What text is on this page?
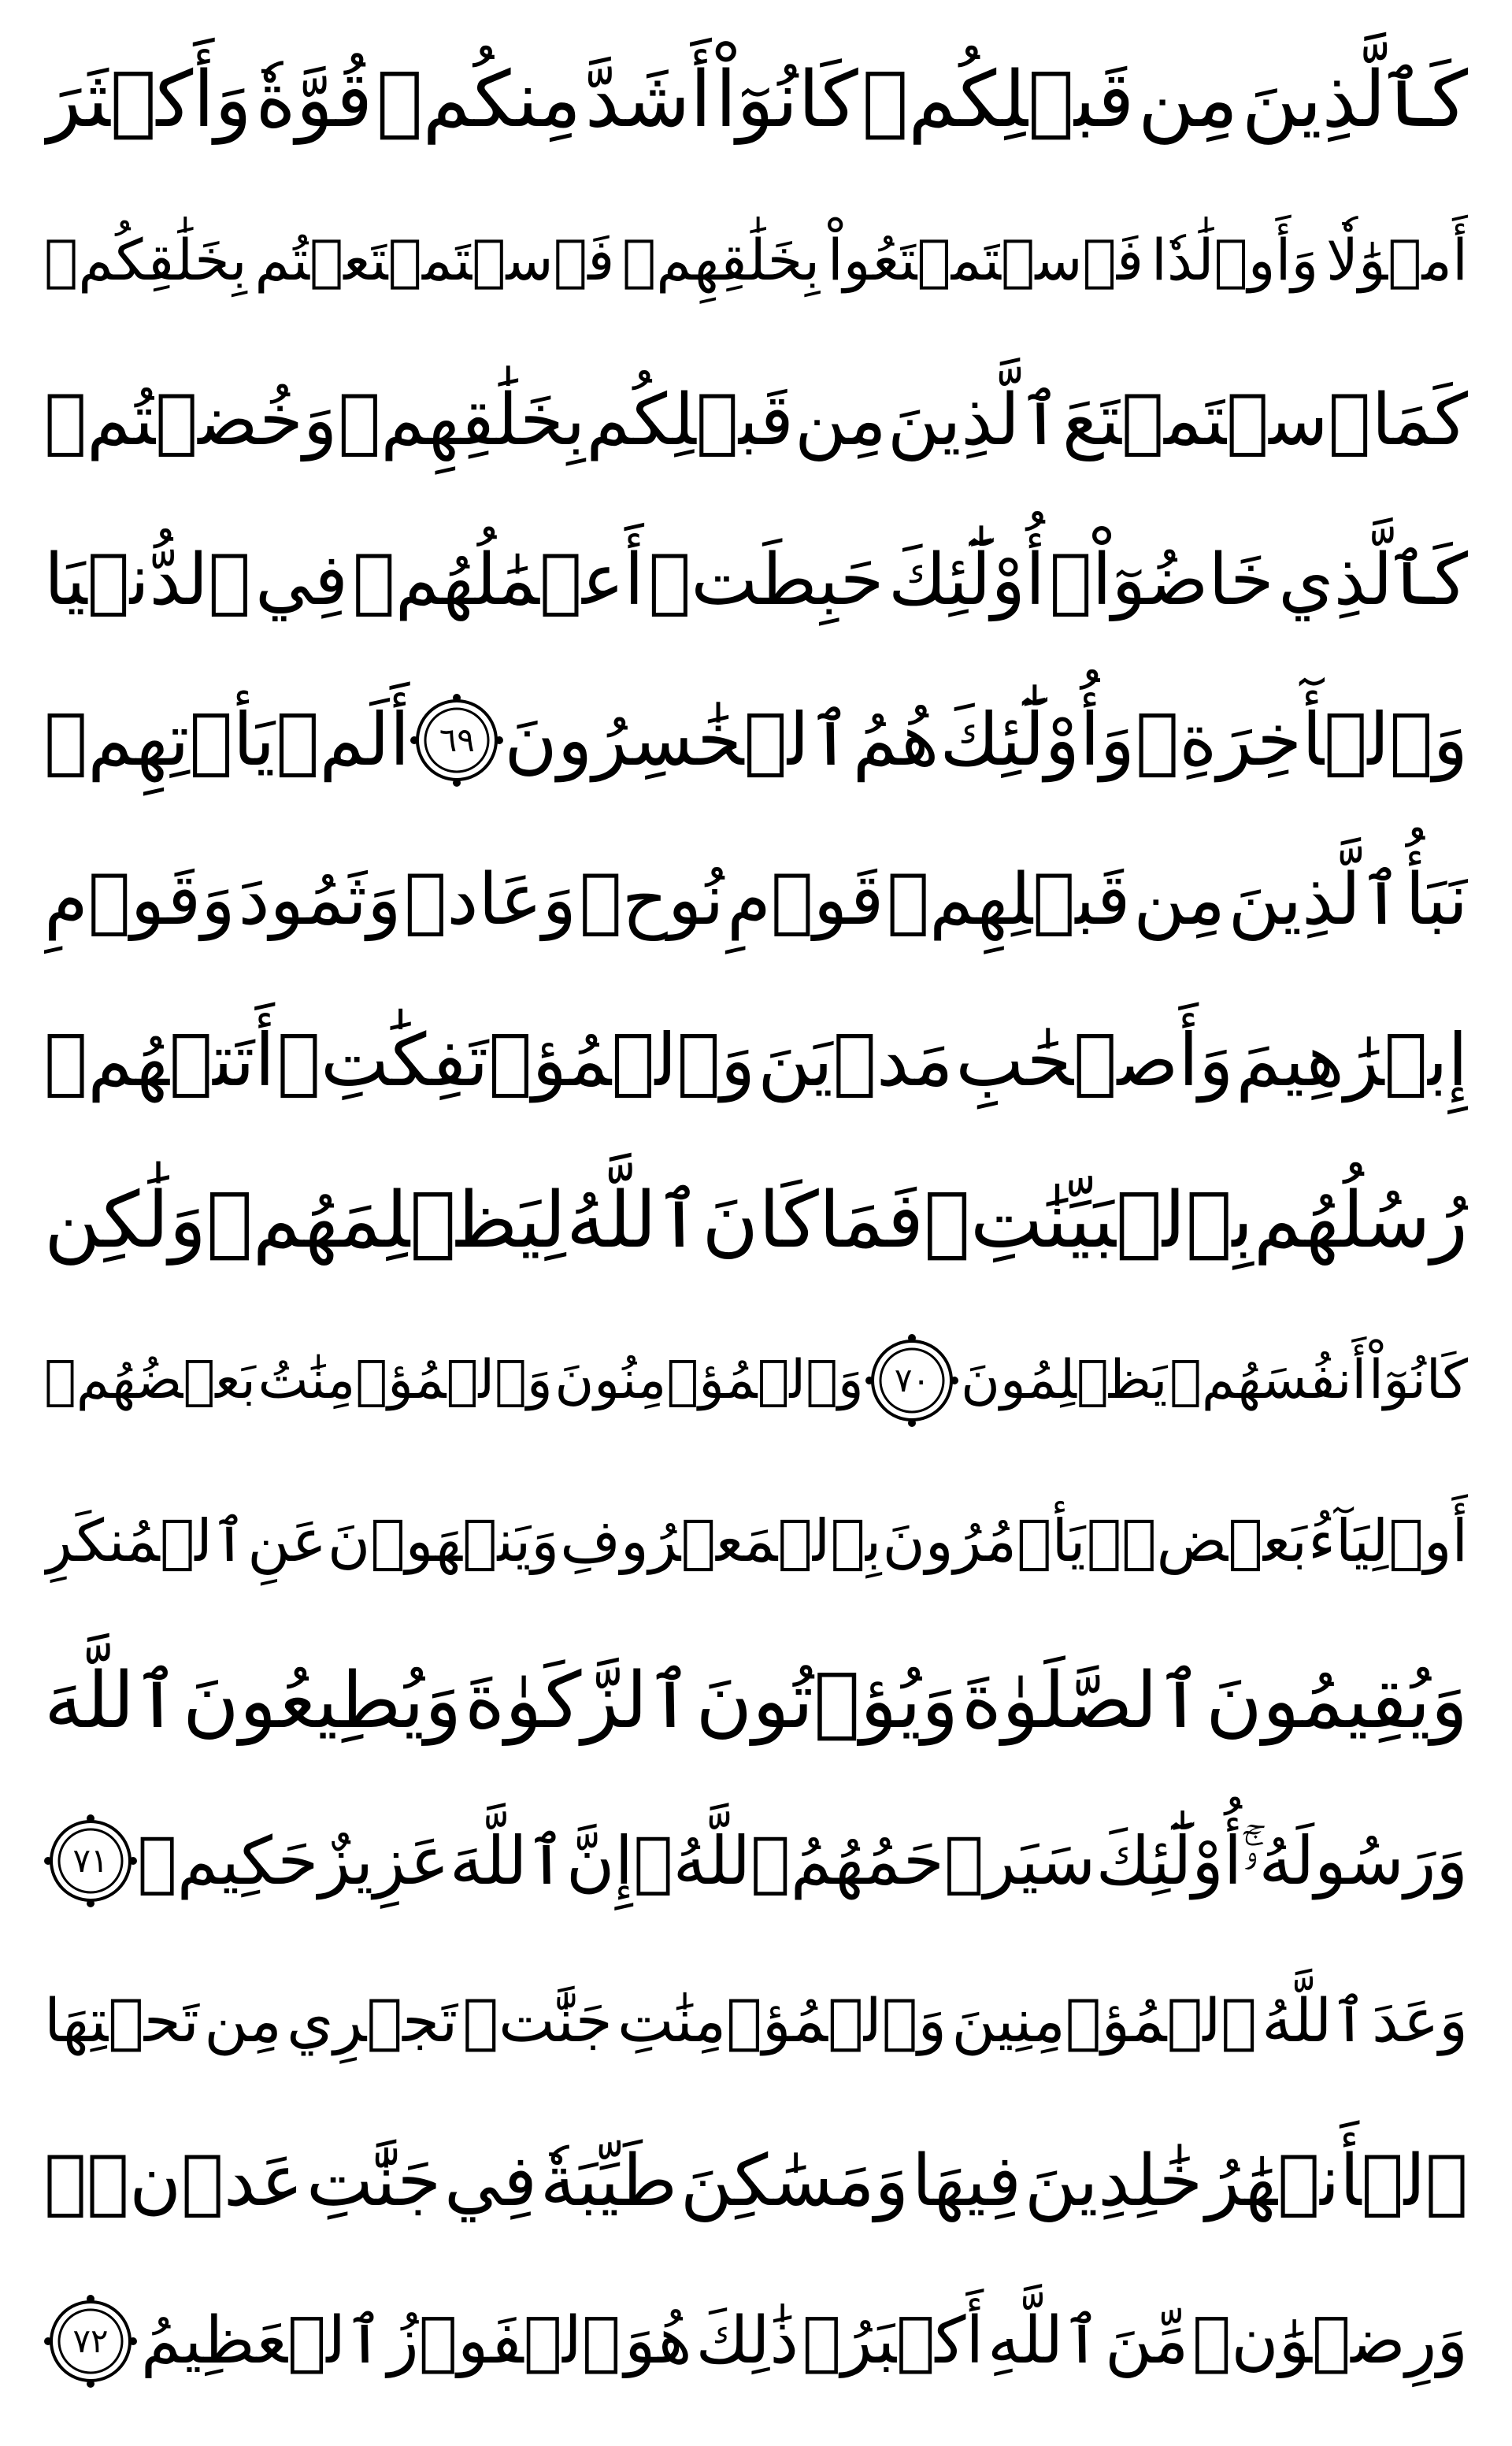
كَٱلَّذِينَ
مِن
قَبۡلِكُمۡ
كَانُوٓاْ
أَشَدَّ
مِنكُمۡ
قُوَّةٗ
وَأَكۡثَرَ
أَمۡوَٰلٗا
وَأَوۡلَٰدٗا
فَٱسۡتَمۡتَعُواْ
بِخَلَٰقِهِمۡ
فَٱسۡتَمۡتَعۡتُم
بِخَلَٰقِكُمۡ
كَمَا
ٱسۡتَمۡتَعَ
ٱلَّذِينَ
مِن
قَبۡلِكُم
بِخَلَٰقِهِمۡ
وَخُضۡتُمۡ
كَٱلَّذِي
خَاضُوٓاْۚ
أُوْلَٰٓئِكَ
حَبِطَتۡ
أَعۡمَٰلُهُمۡ
فِي
ٱلدُّنۡيَا
وَٱلۡأٓخِرَةِۖ
وَأُوْلَٰٓئِكَ
هُمُ
ٱلۡخَٰسِرُونَ
٦٩
أَلَمۡ
يَأۡتِهِمۡ
نَبَأُ
ٱلَّذِينَ
مِن
قَبۡلِهِمۡ
قَوۡمِ
نُوحٖ
وَعَادٖ
وَثَمُودَ
وَقَوۡمِ
إِبۡرَٰهِيمَ
وَأَصۡحَٰبِ
مَدۡيَنَ
وَٱلۡمُؤۡتَفِكَٰتِۚ
أَتَتۡهُمۡ
رُسُلُهُم
بِٱلۡبَيِّنَٰتِۖ
فَمَا
كَانَ
ٱللَّهُ
لِيَظۡلِمَهُمۡ
وَلَٰكِن
كَانُوٓاْ
أَنفُسَهُمۡ
يَظۡلِمُونَ
٧٠
وَٱلۡمُؤۡمِنُونَ
وَٱلۡمُؤۡمِنَٰتُ
بَعۡضُهُمۡ
أَوۡلِيَآءُ
بَعۡضٖۚ
يَأۡمُرُونَ
بِٱلۡمَعۡرُوفِ
وَيَنۡهَوۡنَ
عَنِ
ٱلۡمُنكَرِ
وَيُقِيمُونَ
ٱلصَّلَوٰةَ
وَيُؤۡتُونَ
ٱلزَّكَوٰةَ
وَيُطِيعُونَ
ٱللَّهَ
وَرَسُولَهُۥٓۚ
أُوْلَٰٓئِكَ
سَيَرۡحَمُهُمُ
ٱللَّهُۗ
إِنَّ
ٱللَّهَ
عَزِيزٌ
حَكِيمٞ
٧١
وَعَدَ
ٱللَّهُ
ٱلۡمُؤۡمِنِينَ
وَٱلۡمُؤۡمِنَٰتِ
جَنَّٰتٖ
تَجۡرِي
مِن
تَحۡتِهَا
ٱلۡأَنۡهَٰرُ
خَٰلِدِينَ
فِيهَا
وَمَسَٰكِنَ
طَيِّبَةٗ
فِي
جَنَّٰتِ
عَدۡنٖۚ
وَرِضۡوَٰنٞ
مِّنَ
ٱللَّهِ
أَكۡبَرُۚ
ذَٰلِكَ
هُوَ
ٱلۡفَوۡزُ
ٱلۡعَظِيمُ
٧٢
